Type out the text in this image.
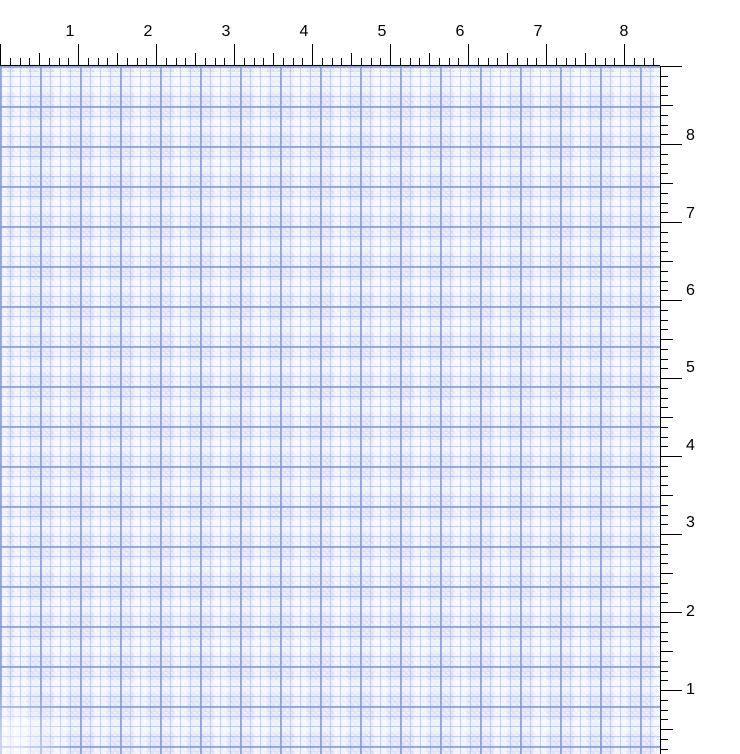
1	2	3	4	5	6	7	8
1
2
3
4
5
6
7
8
